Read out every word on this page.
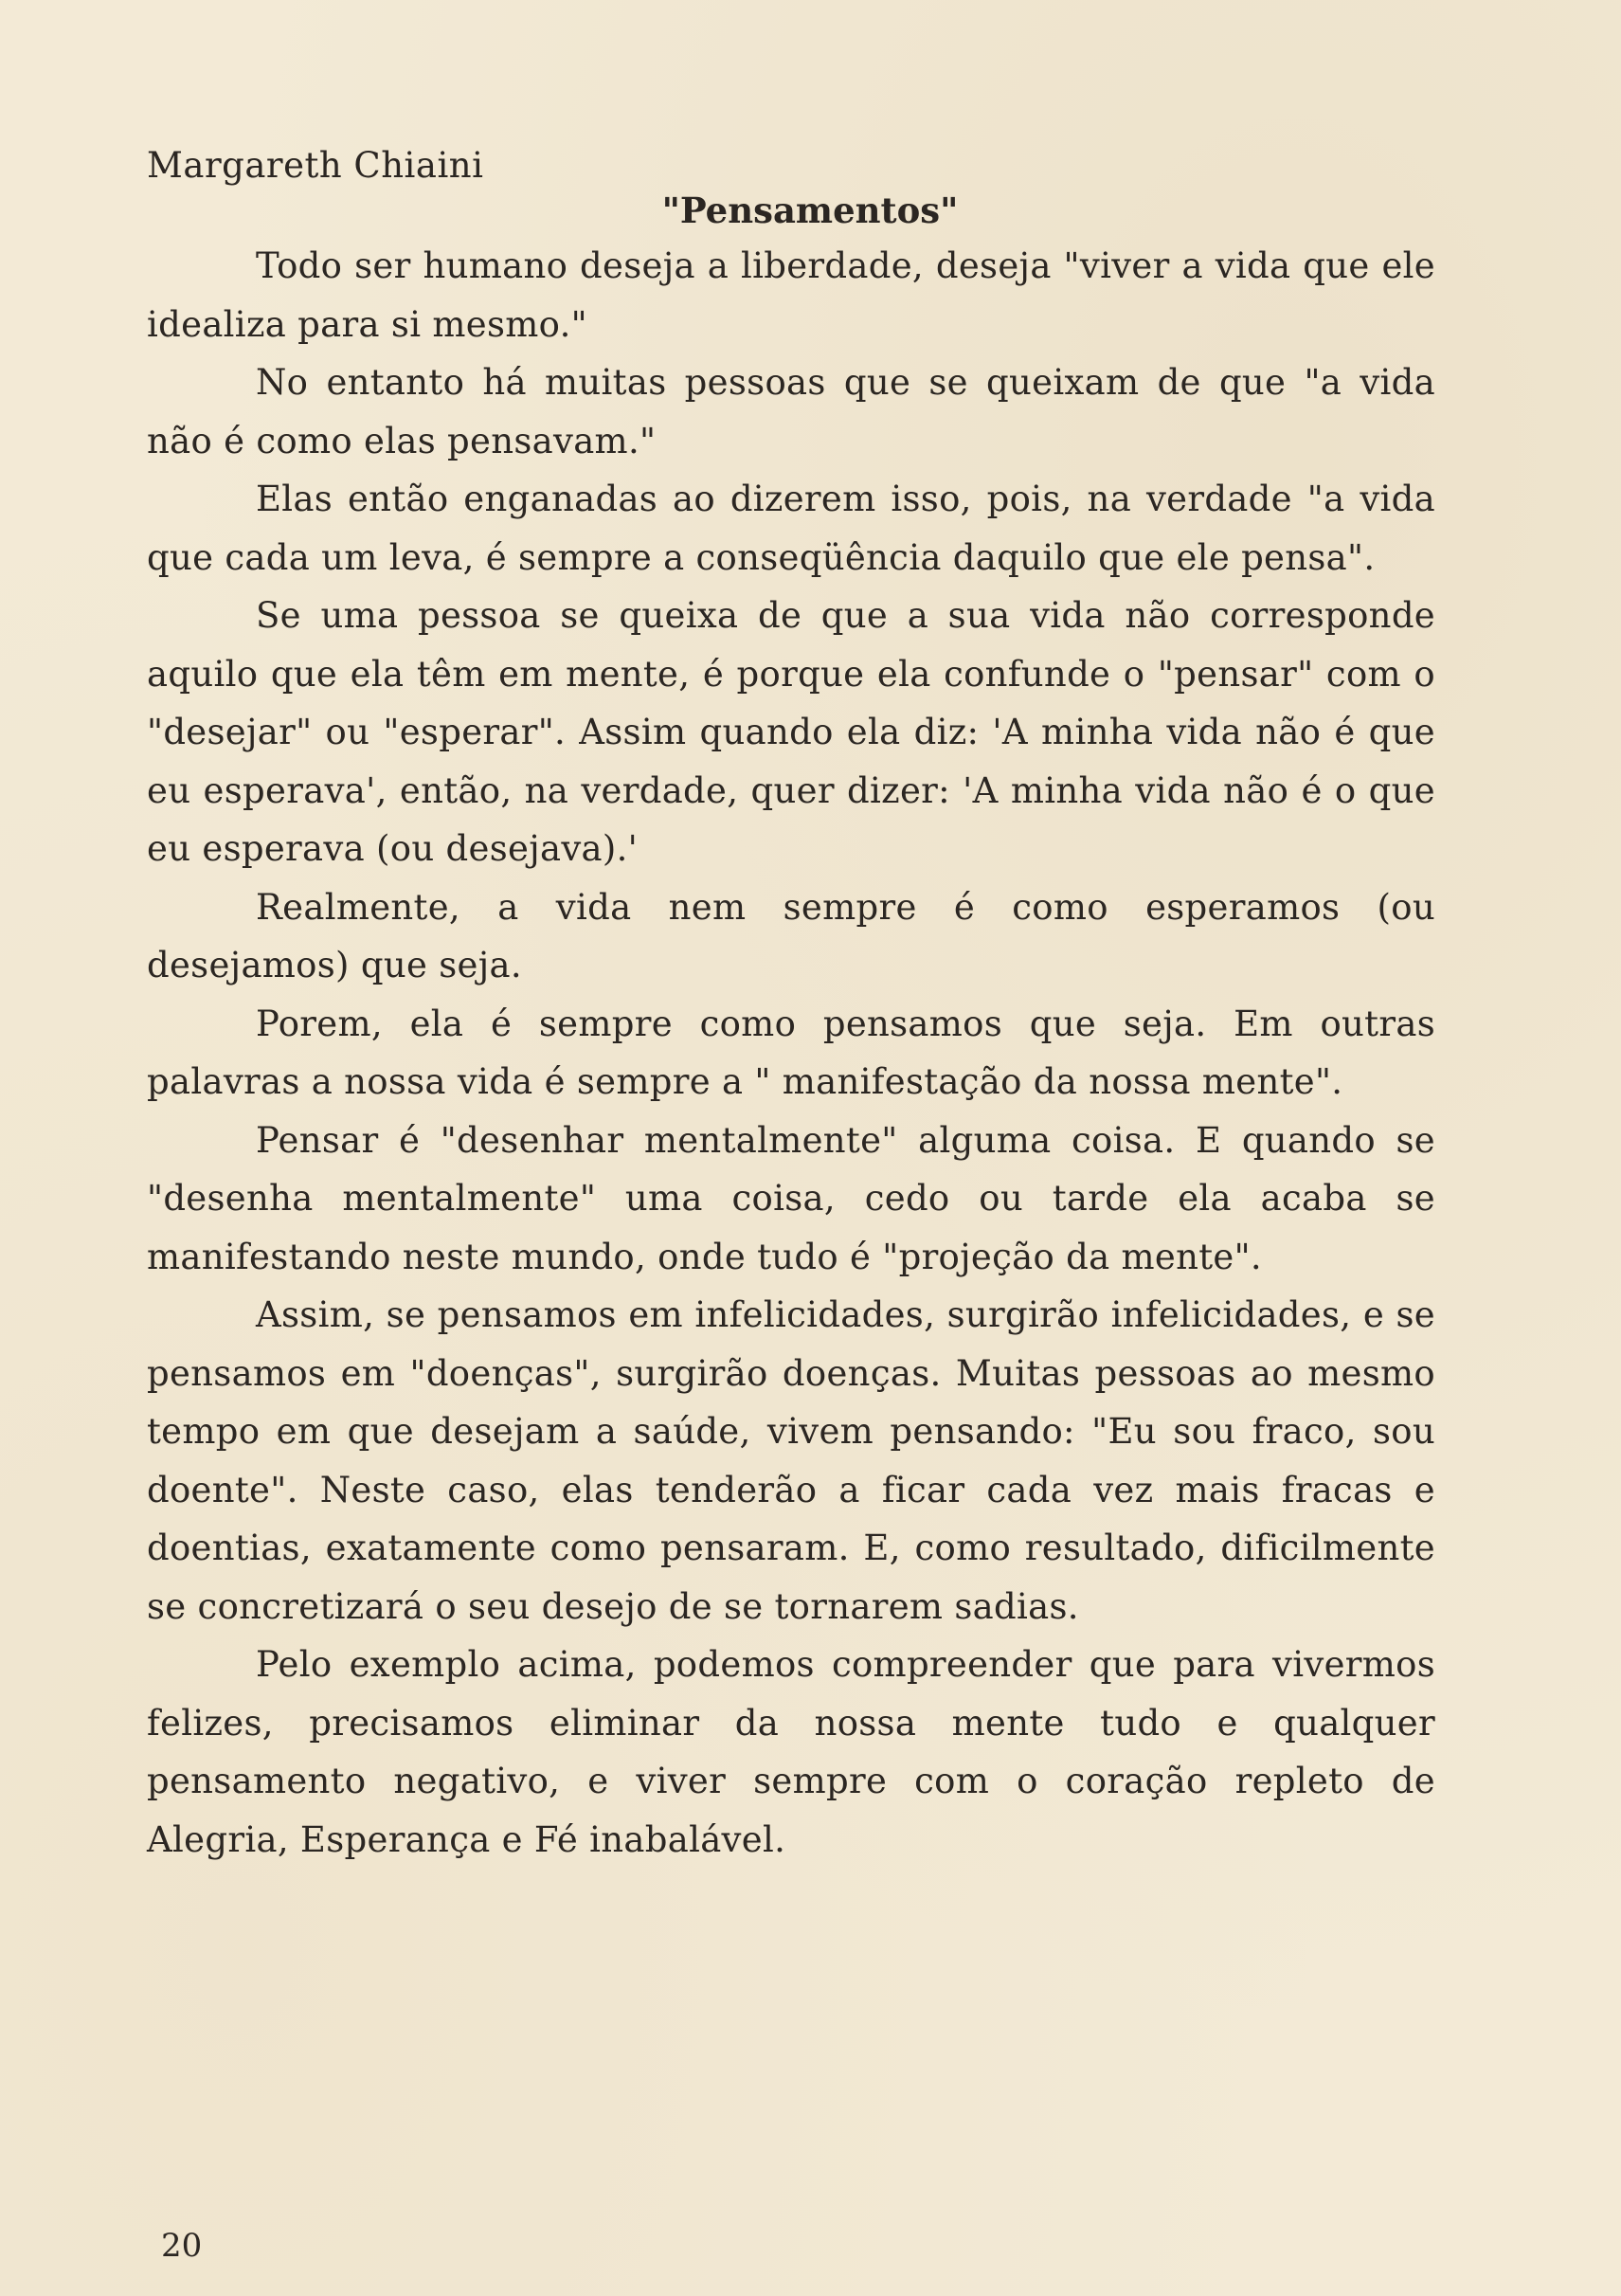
Margareth Chiaini

"Pensamentos"

Todo ser humano deseja a liberdade, deseja "viver a vida que ele idealiza para si mesmo."

No entanto há muitas pessoas que se queixam de que "a vida não é como elas pensavam."

Elas então enganadas ao dizerem isso, pois, na verdade "a vida que cada um leva, é sempre a conseqüência daquilo que ele pensa".

Se uma pessoa se queixa de que a sua vida não corresponde aquilo que ela têm em mente, é porque ela confunde o "pensar" com o "desejar" ou "esperar". Assim quando ela diz: 'A minha vida não é que eu esperava', então, na verdade, quer dizer: 'A minha vida não é o que eu esperava (ou desejava).'

Realmente, a vida nem sempre é como esperamos (ou desejamos) que seja.

Porem, ela é sempre como pensamos que seja. Em outras palavras a nossa vida é sempre a " manifestação da nossa mente".

Pensar é "desenhar mentalmente" alguma coisa. E quando se "desenha mentalmente" uma coisa, cedo ou tarde ela acaba se manifestando neste mundo, onde tudo é "projeção da mente".

Assim, se pensamos em infelicidades, surgirão infelicidades, e se pensamos em "doenças", surgirão doenças. Muitas pessoas ao mesmo tempo em que desejam a saúde, vivem pensando: "Eu sou fraco, sou doente". Neste caso, elas tenderão a ficar cada vez mais fracas e doentias, exatamente como pensaram. E, como resultado, dificilmente se concretizará o seu desejo de se tornarem sadias.

Pelo exemplo acima, podemos compreender que para vivermos felizes, precisamos eliminar da nossa mente tudo e qualquer pensamento negativo, e viver sempre com o coração repleto de Alegria, Esperança e Fé inabalável.

20
